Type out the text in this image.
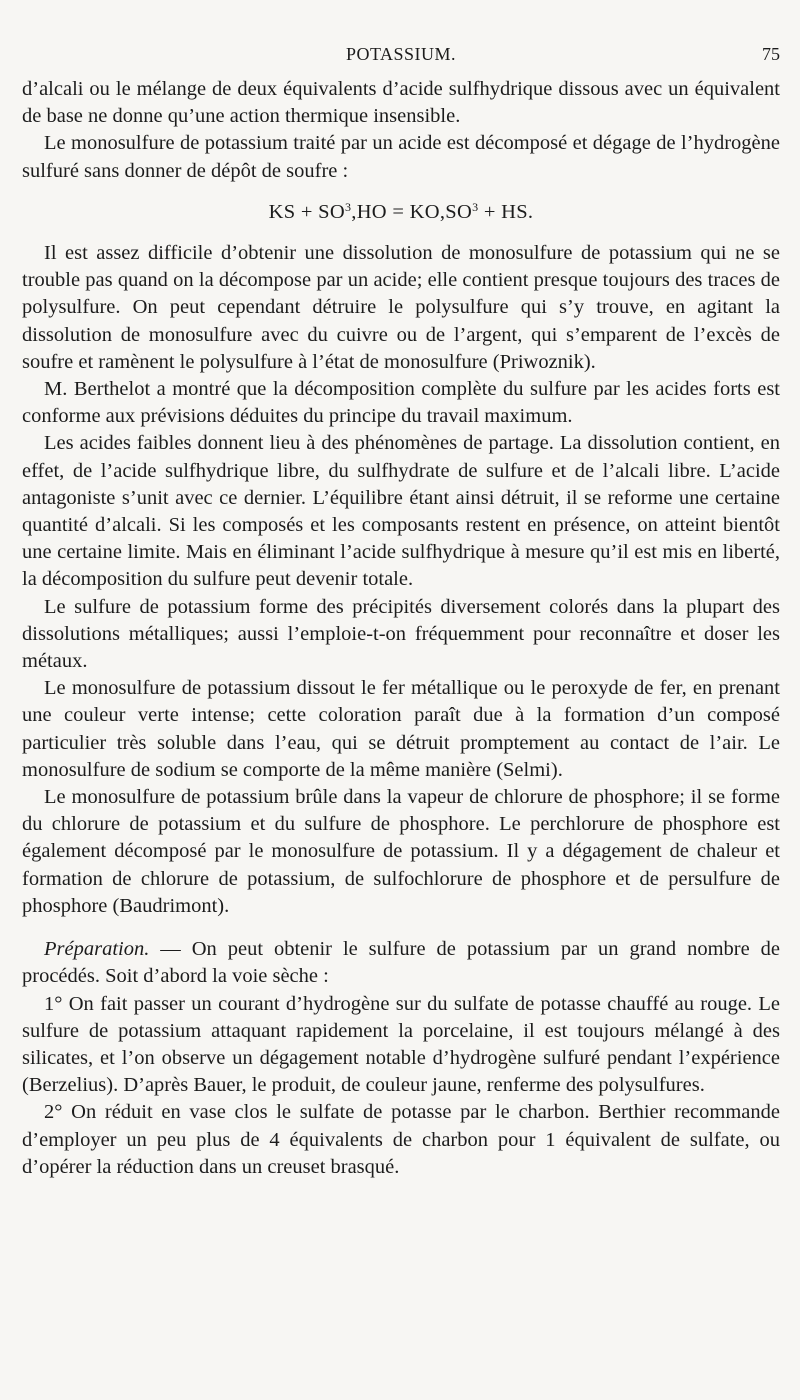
POTASSIUM.	75

d’alcali ou le mélange de deux équivalents d’acide sulfhydrique dissous avec un équivalent de base ne donne qu’une action thermique insensible.

Le monosulfure de potassium traité par un acide est décomposé et dégage de l’hydrogène sulfuré sans donner de dépôt de soufre :

KS + $SO^3,HO = KO,SO^3$ + HS.

Il est assez difficile d’obtenir une dissolution de monosulfure de potassium qui ne se trouble pas quand on la décompose par un acide; elle contient presque toujours des traces de polysulfure. On peut cependant détruire le polysulfure qui s’y trouve, en agitant la dissolution de monosulfure avec du cuivre ou de l’argent, qui s’emparent de l’excès de soufre et ramènent le polysulfure à l’état de monosulfure (Priwoznik).

M. Berthelot a montré que la décomposition complète du sulfure par les acides forts est conforme aux prévisions déduites du principe du travail maximum.

Les acides faibles donnent lieu à des phénomènes de partage. La dissolution contient, en effet, de l’acide sulfhydrique libre, du sulfhydrate de sulfure et de l’alcali libre. L’acide antagoniste s’unit avec ce dernier. L’équilibre étant ainsi détruit, il se reforme une certaine quantité d’alcali. Si les composés et les composants restent en présence, on atteint bientôt une certaine limite. Mais en éliminant l’acide sulfhydrique à mesure qu’il est mis en liberté, la décomposition du sulfure peut devenir totale.

Le sulfure de potassium forme des précipités diversement colorés dans la plupart des dissolutions métalliques; aussi l’emploie-t-on fréquemment pour reconnaître et doser les métaux.

Le monosulfure de potassium dissout le fer métallique ou le peroxyde de fer, en prenant une couleur verte intense; cette coloration paraît due à la formation d’un composé particulier très soluble dans l’eau, qui se détruit promptement au contact de l’air. Le monosulfure de sodium se comporte de la même manière (Selmi).

Le monosulfure de potassium brûle dans la vapeur de chlorure de phosphore; il se forme du chlorure de potassium et du sulfure de phosphore. Le perchlorure de phosphore est également décomposé par le monosulfure de potassium. Il y a dégagement de chaleur et formation de chlorure de potassium, de sulfochlorure de phosphore et de persulfure de phosphore (Baudrimont).

Préparation. — On peut obtenir le sulfure de potassium par un grand nombre de procédés. Soit d’abord la voie sèche :

1° On fait passer un courant d’hydrogène sur du sulfate de potasse chauffé au rouge. Le sulfure de potassium attaquant rapidement la porcelaine, il est toujours mélangé à des silicates, et l’on observe un dégagement notable d’hydrogène sulfuré pendant l’expérience (Berzelius). D’après Bauer, le produit, de couleur jaune, renferme des polysulfures.

2° On réduit en vase clos le sulfate de potasse par le charbon. Berthier recommande d’employer un peu plus de 4 équivalents de charbon pour 1 équivalent de sulfate, ou d’opérer la réduction dans un creuset brasqué.
